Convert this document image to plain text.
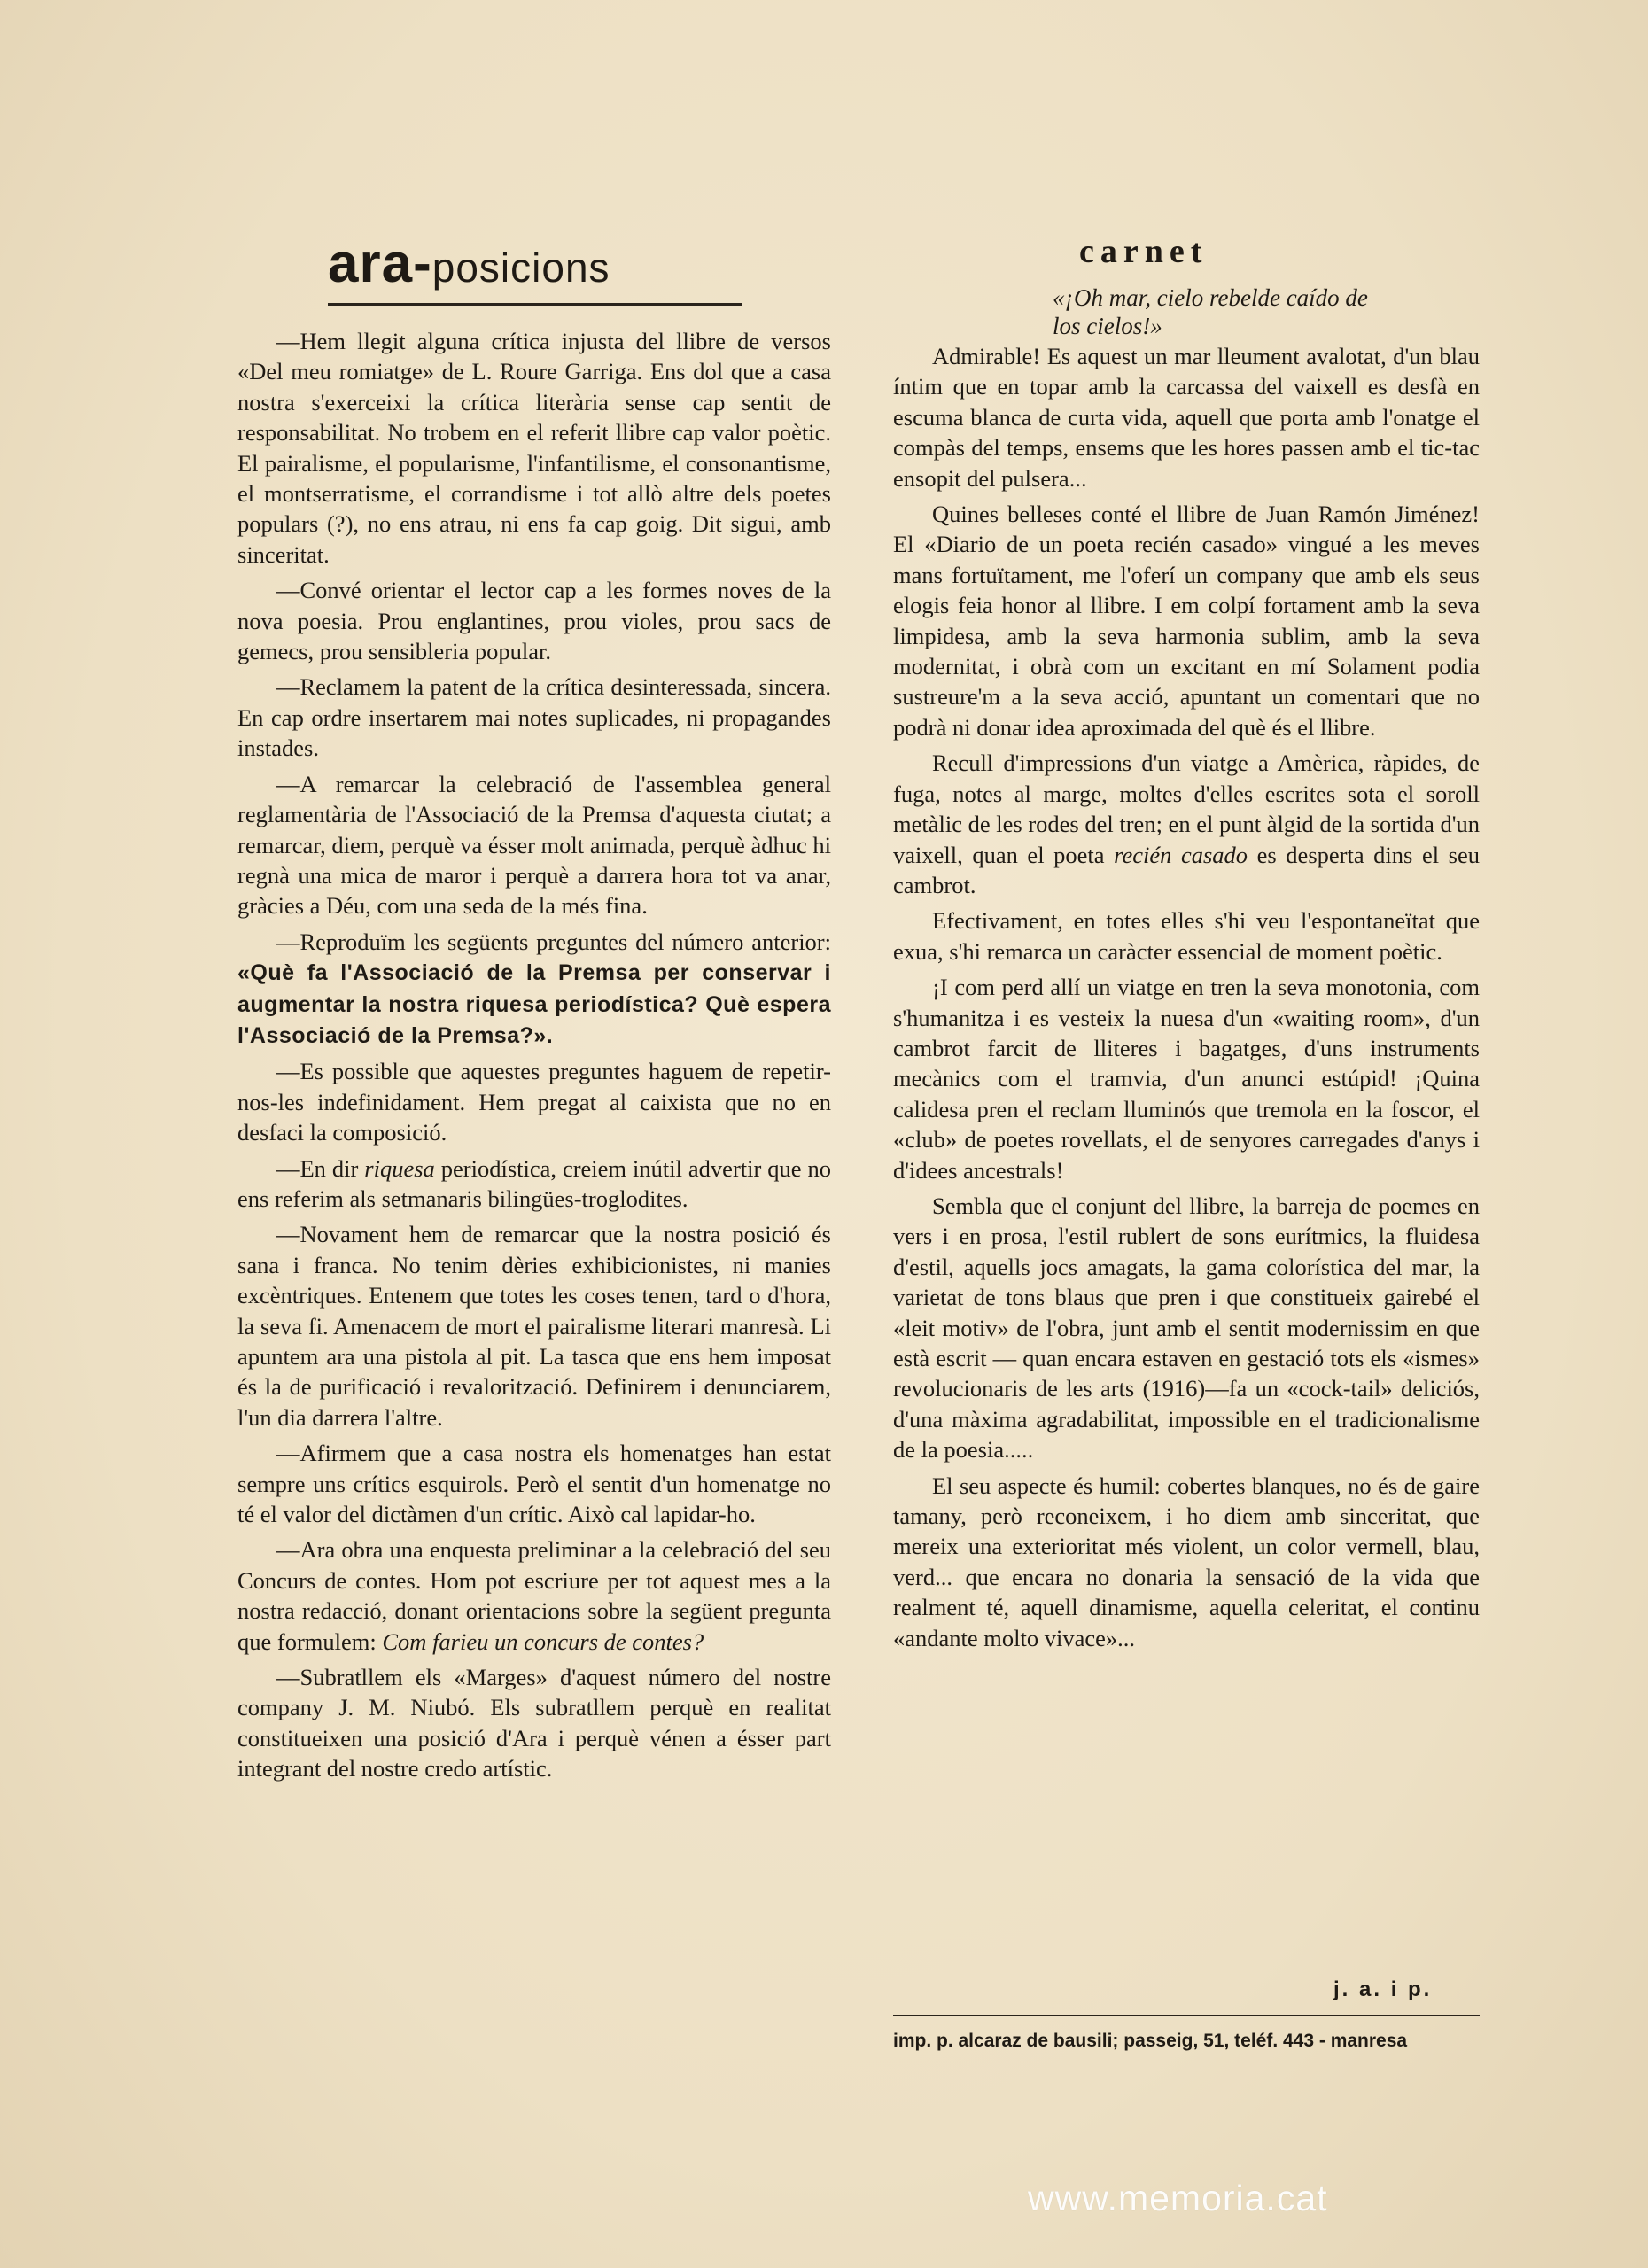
ara-posicions

—Hem llegit alguna crítica injusta del llibre de versos «Del meu romiatge» de L. Roure Garriga. Ens dol que a casa nostra s'exerceixi la crítica literària sense cap sentit de responsabilitat. No trobem en el referit llibre cap valor poètic. El pairalisme, el popularisme, l'infantilisme, el consonantisme, el montserratisme, el corrandisme i tot allò altre dels poetes populars (?), no ens atrau, ni ens fa cap goig. Dit sigui, amb sinceritat.

—Convé orientar el lector cap a les formes noves de la nova poesia. Prou englantines, prou violes, prou sacs de gemecs, prou sensibleria popular.

—Reclamem la patent de la crítica desinteressada, sincera. En cap ordre insertarem mai notes suplicades, ni propagandes instades.

—A remarcar la celebració de l'assemblea general reglamentària de l'Associació de la Premsa d'aquesta ciutat; a remarcar, diem, perquè va ésser molt animada, perquè àdhuc hi regnà una mica de maror i perquè a darrera hora tot va anar, gràcies a Déu, com una seda de la més fina.

—Reproduïm les següents preguntes del número anterior: «Què fa l'Associació de la Premsa per conservar i augmentar la nostra riquesa periodística? Què espera l'Associació de la Premsa?».

—Es possible que aquestes preguntes haguem de repetir-nos-les indefinidament. Hem pregat al caixista que no en desfaci la composició.

—En dir riquesa periodística, creiem inútil advertir que no ens referim als setmanaris bilingües-troglodites.

—Novament hem de remarcar que la nostra posició és sana i franca. No tenim dèries exhibicionistes, ni manies excèntriques. Entenem que totes les coses tenen, tard o d'hora, la seva fi. Amenacem de mort el pairalisme literari manresà. Li apuntem ara una pistola al pit. La tasca que ens hem imposat és la de purificació i revalorització. Definirem i denunciarem, l'un dia darrera l'altre.

—Afirmem que a casa nostra els homenatges han estat sempre uns crítics esquirols. Però el sentit d'un homenatge no té el valor del dictàmen d'un crític. Això cal lapidar-ho.

—Ara obra una enquesta preliminar a la celebració del seu Concurs de contes. Hom pot escriure per tot aquest mes a la nostra redacció, donant orientacions sobre la següent pregunta que formulem: Com farieu un concurs de contes?

—Subratllem els «Marges» d'aquest número del nostre company J. M. Niubó. Els subratllem perquè en realitat constitueixen una posició d'Ara i perquè vénen a ésser part integrant del nostre credo artístic.

carnet
«¡Oh mar, cielo rebelde caído de los cielos!»

Admirable! Es aquest un mar lleument avalotat, d'un blau íntim que en topar amb la carcassa del vaixell es desfà en escuma blanca de curta vida, aquell que porta amb l'onatge el compàs del temps, ensems que les hores passen amb el tic-tac ensopit del pulsera...

Quines belleses conté el llibre de Juan Ramón Jiménez! El «Diario de un poeta recién casado» vingué a les meves mans fortuïtament, me l'oferí un company que amb els seus elogis feia honor al llibre. I em colpí fortament amb la seva limpidesa, amb la seva harmonia sublim, amb la seva modernitat, i obrà com un excitant en mí Solament podia sustreure'm a la seva acció, apuntant un comentari que no podrà ni donar idea aproximada del què és el llibre.

Recull d'impressions d'un viatge a Amèrica, ràpides, de fuga, notes al marge, moltes d'elles escrites sota el soroll metàlic de les rodes del tren; en el punt àlgid de la sortida d'un vaixell, quan el poeta recién casado es desperta dins el seu cambrot.

Efectivament, en totes elles s'hi veu l'espontaneïtat que exua, s'hi remarca un caràcter essencial de moment poètic.

¡I com perd allí un viatge en tren la seva monotonia, com s'humanitza i es vesteix la nuesa d'un «waiting room», d'un cambrot farcit de lliteres i bagatges, d'uns instruments mecànics com el tramvia, d'un anunci estúpid! ¡Quina calidesa pren el reclam lluminós que tremola en la foscor, el «club» de poetes rovellats, el de senyores carregades d'anys i d'idees ancestrals!

Sembla que el conjunt del llibre, la barreja de poemes en vers i en prosa, l'estil rublert de sons eurítmics, la fluidesa d'estil, aquells jocs amagats, la gama colorística del mar, la varietat de tons blaus que pren i que constitueix gairebé el «leit motiv» de l'obra, junt amb el sentit modernissim en que està escrit — quan encara estaven en gestació tots els «ismes» revolucionaris de les arts (1916)—fa un «cock-tail» deliciós, d'una màxima agradabilitat, impossible en el tradicionalisme de la poesia.....

El seu aspecte és humil: cobertes blanques, no és de gaire tamany, però reconeixem, i ho diem amb sinceritat, que mereix una exterioritat més violent, un color vermell, blau, verd... que encara no donaria la sensació de la vida que realment té, aquell dinamisme, aquella celeritat, el continu «andante molto vivace»...

j. a. i p.
imp. p. alcaraz de bausili; passeig, 51, teléf. 443 - manresa
www.memoria.cat
